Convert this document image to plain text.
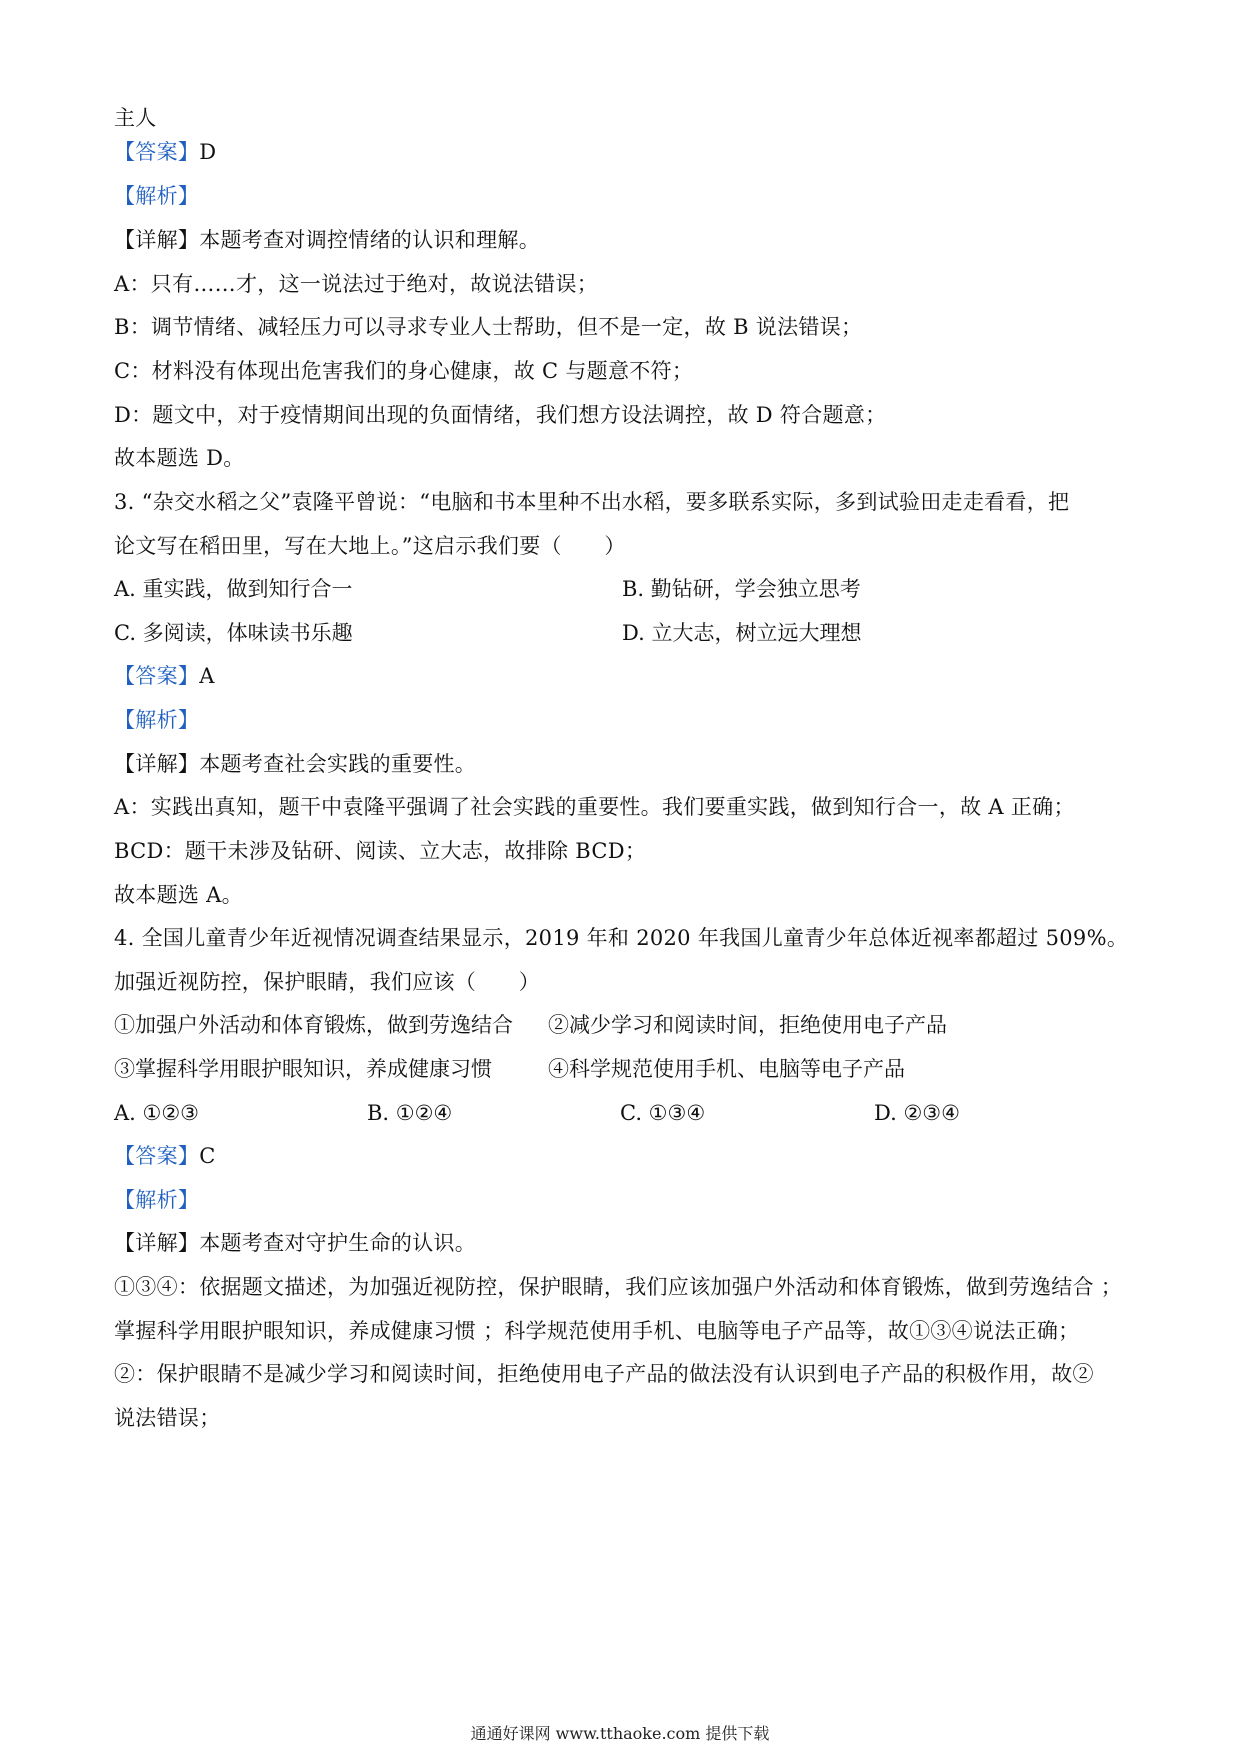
主人
【答案】D
【解析】
【详解】本题考查对调控情绪的认识和理解。
A：只有……才，这一说法过于绝对，故说法错误；
B：调节情绪、减轻压力可以寻求专业人士帮助，但不是一定，故 B 说法错误；
C：材料没有体现出危害我们的身心健康，故 C 与题意不符；
D：题文中，对于疫情期间出现的负面情绪，我们想方设法调控，故 D 符合题意；
故本题选 D。
3. “杂交水稻之父”袁隆平曾说：“电脑和书本里种不出水稻，要多联系实际，多到试验田走走看看，把
论文写在稻田里，写在大地上。”这启示我们要（　　）
A. 重实践，做到知行合一	B. 勤钻研，学会独立思考
C. 多阅读，体味读书乐趣	D. 立大志，树立远大理想
【答案】A
【解析】
【详解】本题考查社会实践的重要性。
A：实践出真知，题干中袁隆平强调了社会实践的重要性。我们要重实践，做到知行合一，故 A 正确；
BCD：题干未涉及钻研、阅读、立大志，故排除 BCD；
故本题选 A。
4. 全国儿童青少年近视情况调查结果显示，2019 年和 2020 年我国儿童青少年总体近视率都超过 509%。
加强近视防控，保护眼睛，我们应该（　　）
①加强户外活动和体育锻炼，做到劳逸结合 ②减少学习和阅读时间，拒绝使用电子产品
③掌握科学用眼护眼知识，养成健康习惯	④科学规范使用手机、电脑等电子产品
A. ①②③	B. ①②④	C. ①③④	D. ②③④
【答案】C
【解析】
【详解】本题考查对守护生命的认识。
①③④：依据题文描述，为加强近视防控，保护眼睛，我们应该加强户外活动和体育锻炼，做到劳逸结合 ；
掌握科学用眼护眼知识，养成健康习惯 ；科学规范使用手机、电脑等电子产品等，故①③④说法正确；
②：保护眼睛不是减少学习和阅读时间，拒绝使用电子产品的做法没有认识到电子产品的积极作用，故②
说法错误；
通通好课网 www.tthaoke.com 提供下载
